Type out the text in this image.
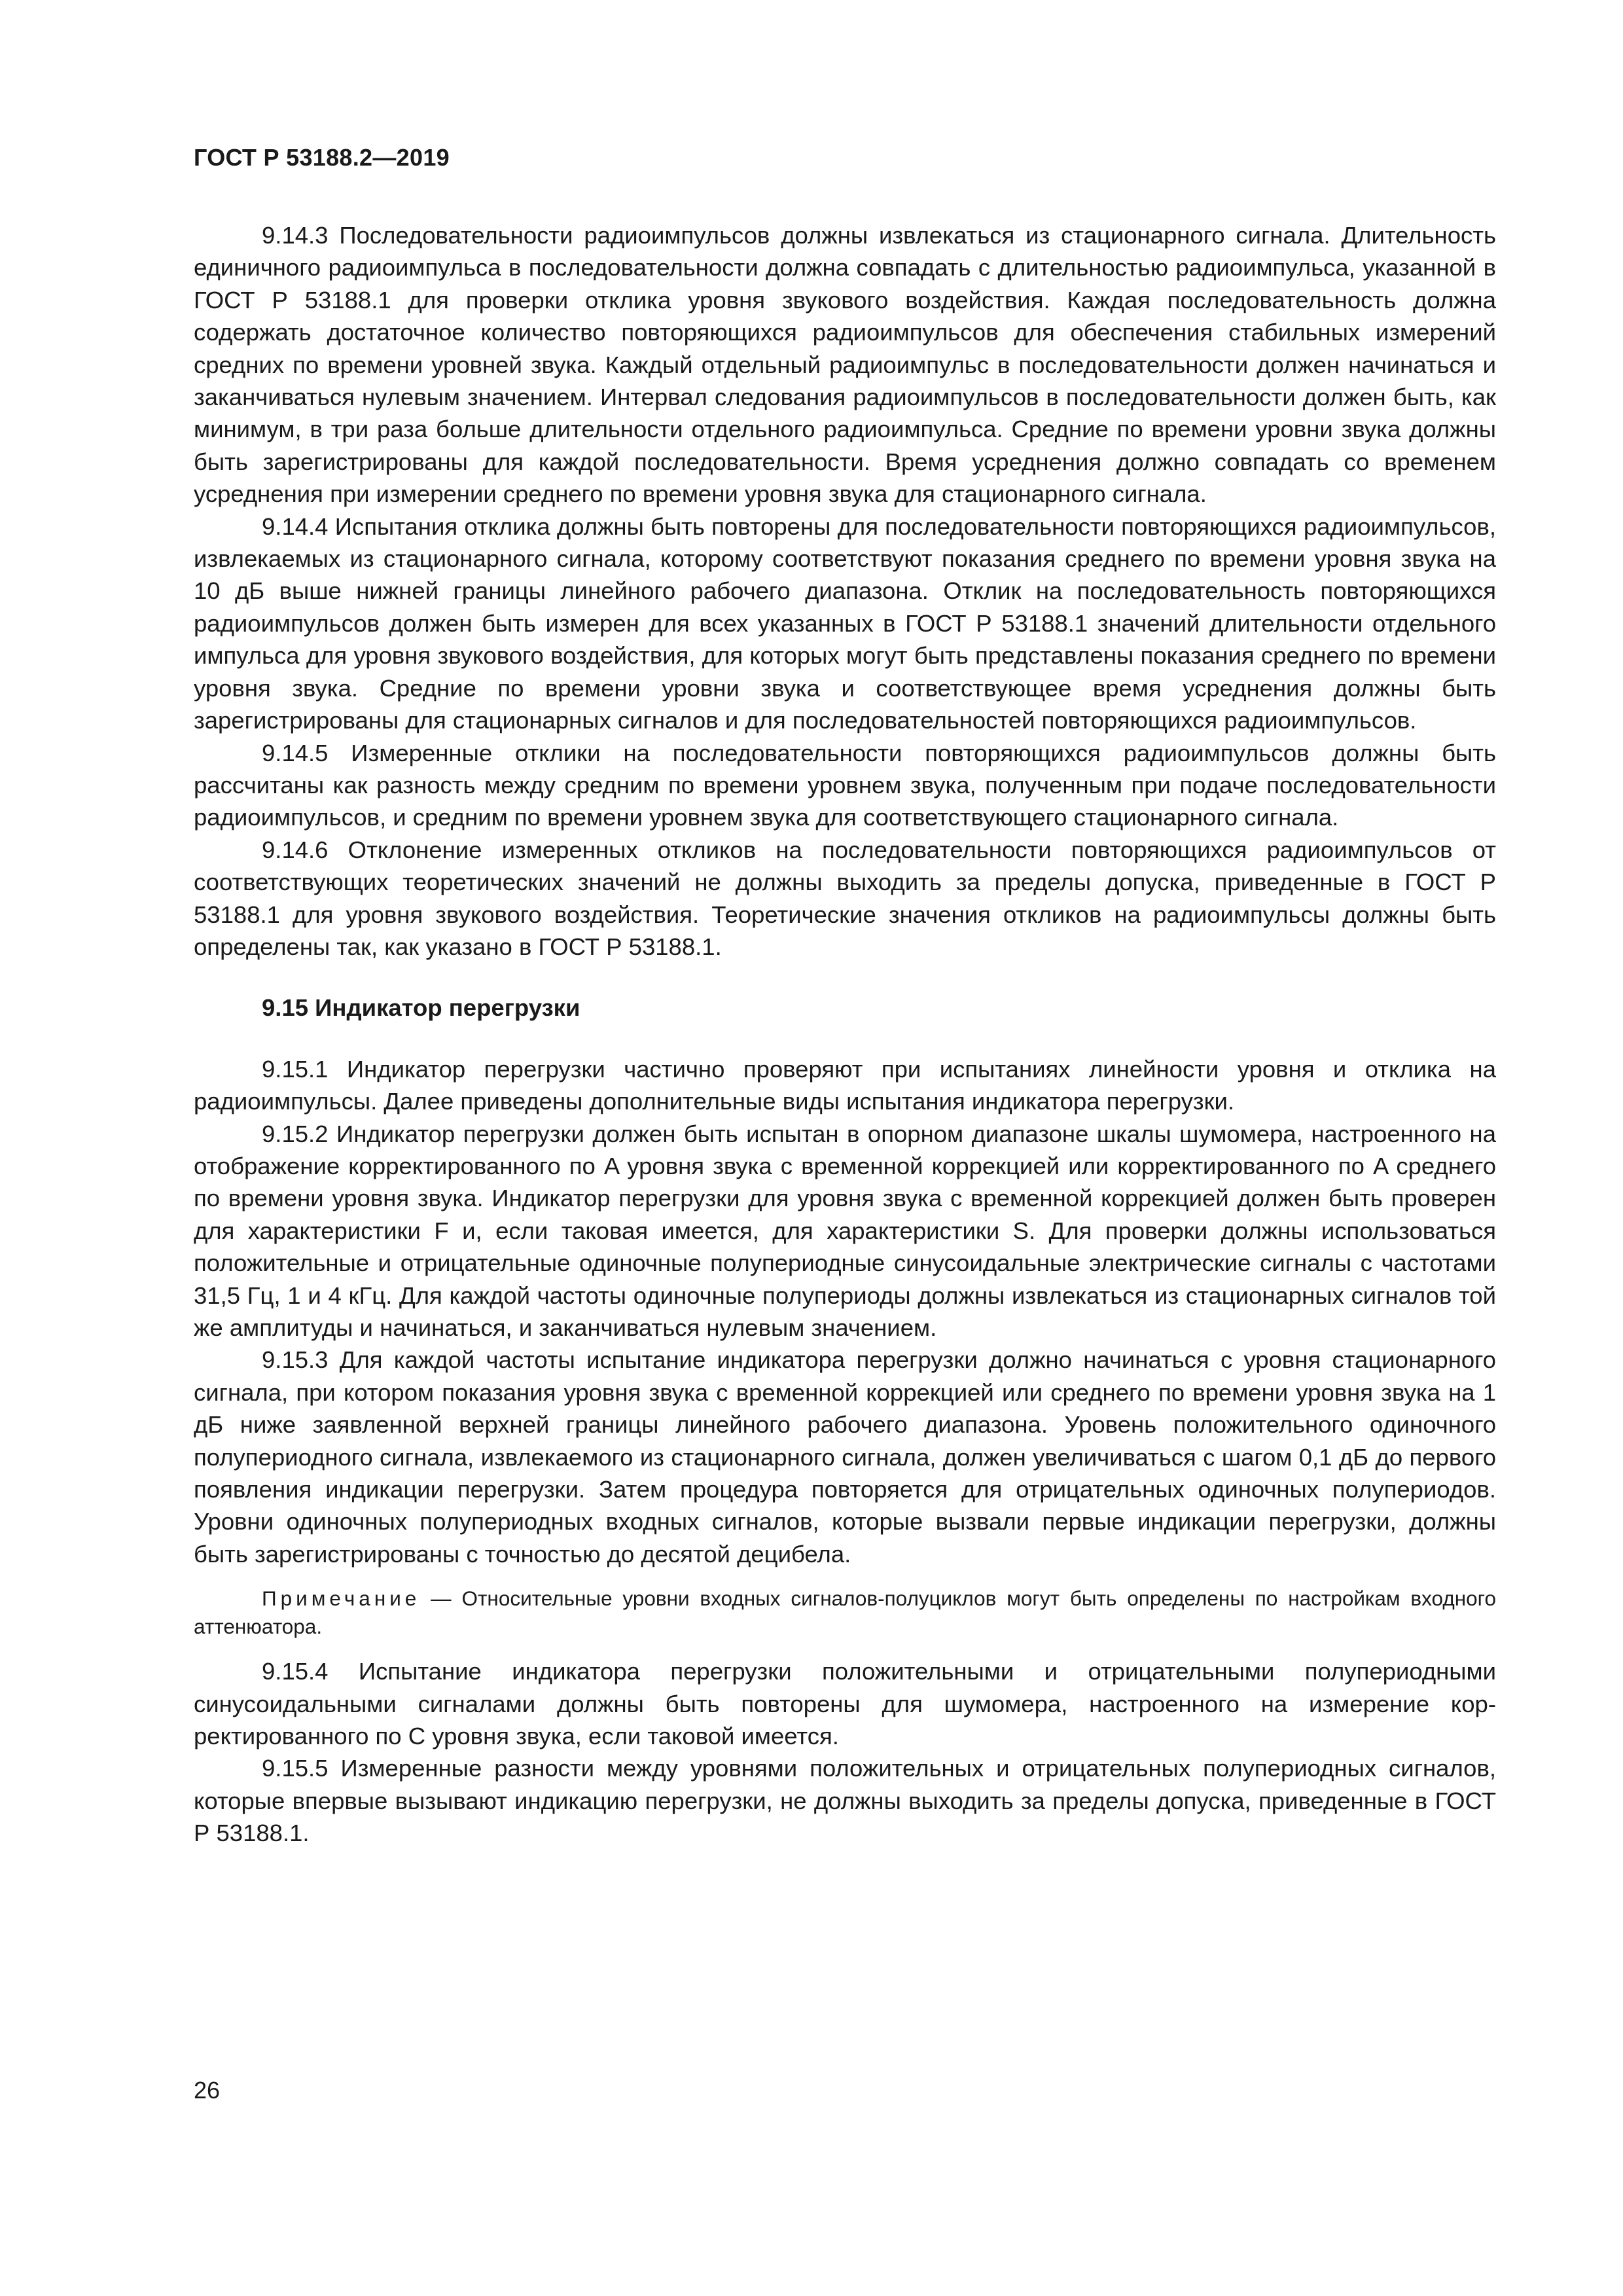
ГОСТ Р 53188.2—2019

9.14.3 Последовательности радиоимпульсов должны извлекаться из стационарного сигнала. Длительность единичного радиоимпульса в последовательности должна совпадать с длительностью радиоимпульса, указанной в ГОСТ Р 53188.1 для проверки отклика уровня звукового воздействия. Каждая последовательность должна содержать достаточное количество повторяющихся радиоимпульсов для обеспечения стабильных измерений средних по времени уровней звука. Каждый отдельный радиоимпульс в последовательности должен начинаться и заканчиваться нулевым значением. Интервал следования радиоимпульсов в последовательности должен быть, как минимум, в три раза больше длительности отдельного радиоимпульса. Средние по времени уровни звука должны быть зарегистрированы для каждой последовательности. Время усреднения должно совпадать со временем усреднения при измерении среднего по времени уровня звука для стационарного сигнала.

9.14.4 Испытания отклика должны быть повторены для последовательности повторяющихся радиоимпульсов, извлекаемых из стационарного сигнала, которому соответствуют показания среднего по времени уровня звука на 10 дБ выше нижней границы линейного рабочего диапазона. Отклик на последовательность повторяющихся радиоимпульсов должен быть измерен для всех указанных в ГОСТ Р 53188.1 значений длительности отдельного импульса для уровня звукового воздействия, для которых могут быть представлены показания среднего по времени уровня звука. Средние по времени уровни звука и соответствующее время усреднения должны быть зарегистрированы для стационарных сигналов и для последовательностей повторяющихся радиоимпульсов.

9.14.5 Измеренные отклики на последовательности повторяющихся радиоимпульсов должны быть рассчитаны как разность между средним по времени уровнем звука, полученным при подаче последовательности радиоимпульсов, и средним по времени уровнем звука для соответствующего стационарного сигнала.

9.14.6 Отклонение измеренных откликов на последовательности повторяющихся радиоимпульсов от соответствующих теоретических значений не должны выходить за пределы допуска, приведенные в ГОСТ Р 53188.1 для уровня звукового воздействия. Теоретические значения откликов на радиоимпульсы должны быть определены так, как указано в ГОСТ Р 53188.1.

9.15 Индикатор перегрузки

9.15.1 Индикатор перегрузки частично проверяют при испытаниях линейности уровня и отклика на радиоимпульсы. Далее приведены дополнительные виды испытания индикатора перегрузки.

9.15.2 Индикатор перегрузки должен быть испытан в опорном диапазоне шкалы шумомера, настроенного на отображение корректированного по A уровня звука с временной коррекцией или корректированного по A среднего по времени уровня звука. Индикатор перегрузки для уровня звука с временной коррекцией должен быть проверен для характеристики F и, если таковая имеется, для характеристики S. Для проверки должны использоваться положительные и отрицательные одиночные полупериодные синусоидальные электрические сигналы с частотами 31,5 Гц, 1 и 4 кГц. Для каждой частоты одиночные полупериоды должны извлекаться из стационарных сигналов той же амплитуды и начинаться, и заканчиваться нулевым значением.

9.15.3 Для каждой частоты испытание индикатора перегрузки должно начинаться с уровня стационарного сигнала, при котором показания уровня звука с временной коррекцией или среднего по времени уровня звука на 1 дБ ниже заявленной верхней границы линейного рабочего диапазона. Уровень положительного одиночного полупериодного сигнала, извлекаемого из стационарного сигнала, должен увеличиваться с шагом 0,1 дБ до первого появления индикации перегрузки. Затем процедура повторяется для отрицательных одиночных полупериодов. Уровни одиночных полупериодных входных сигналов, которые вызвали первые индикации перегрузки, должны быть зарегистрированы с точностью до десятой децибела.

Примечание — Относительные уровни входных сигналов-полуциклов могут быть определены по настройкам входного аттенюатора.

9.15.4 Испытание индикатора перегрузки положительными и отрицательными полупериодными синусоидальными сигналами должны быть повторены для шумомера, настроенного на измерение корректированного по C уровня звука, если таковой имеется.

9.15.5 Измеренные разности между уровнями положительных и отрицательных полупериодных сигналов, которые впервые вызывают индикацию перегрузки, не должны выходить за пределы допуска, приведенные в ГОСТ Р 53188.1.

26
